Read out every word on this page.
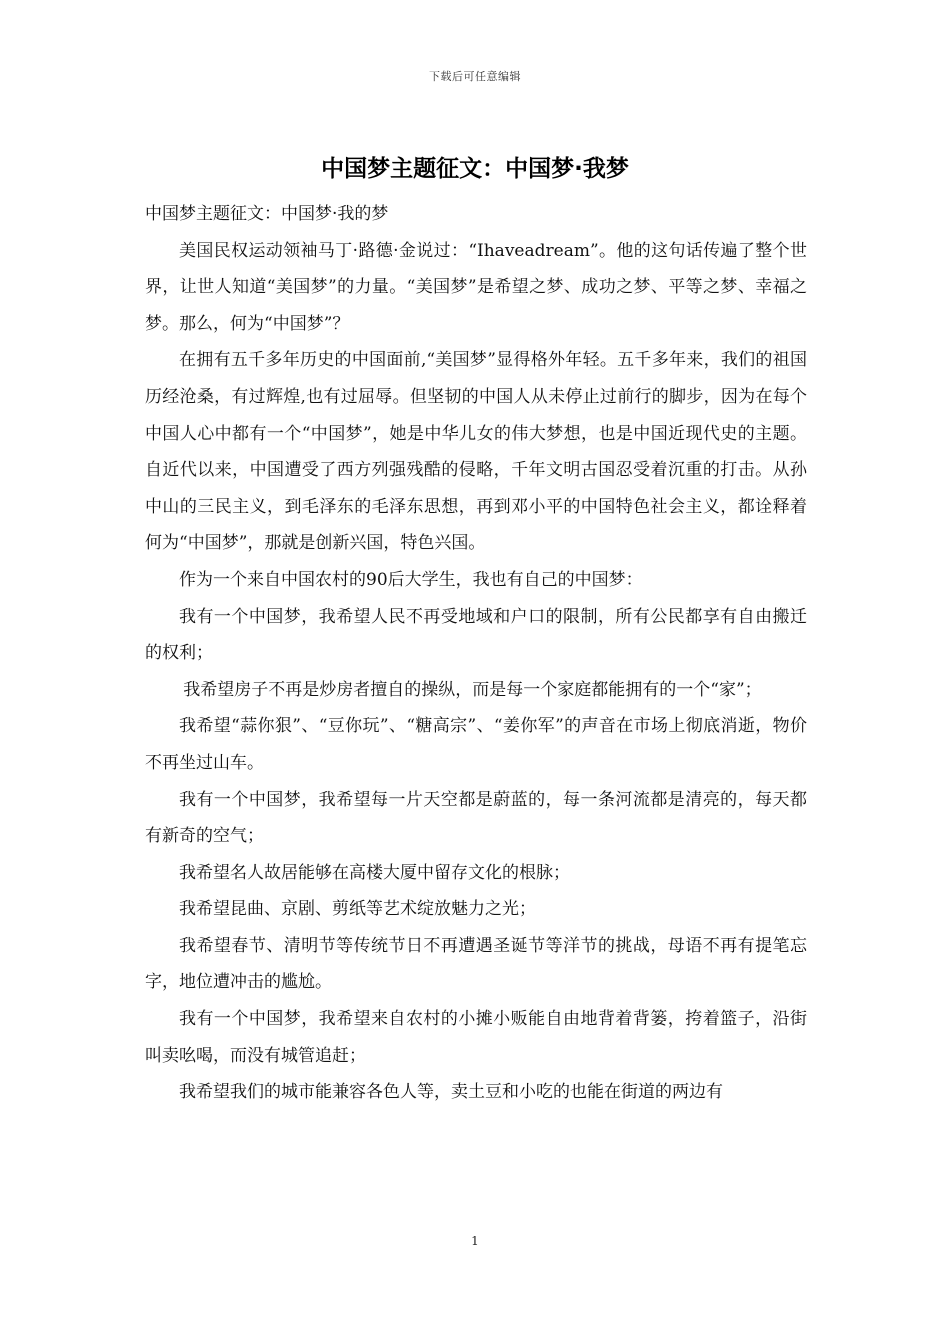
下载后可任意编辑
中国梦主题征文：中国梦·我梦

中国梦主题征文：中国梦·我的梦

美国民权运动领袖马丁·路德·金说过：“Ihaveadream”。他的这句话传遍了整个世界，让世人知道“美国梦”的力量。“美国梦”是希望之梦、成功之梦、平等之梦、幸福之梦。那么，何为“中国梦”？

在拥有五千多年历史的中国面前,“美国梦”显得格外年轻。五千多年来，我们的祖国历经沧桑，有过辉煌,也有过屈辱。但坚韧的中国人从未停止过前行的脚步，因为在每个中国人心中都有一个“中国梦”，她是中华儿女的伟大梦想，也是中国近现代史的主题。自近代以来，中国遭受了西方列强残酷的侵略，千年文明古国忍受着沉重的打击。从孙中山的三民主义，到毛泽东的毛泽东思想，再到邓小平的中国特色社会主义，都诠释着何为“中国梦”，那就是创新兴国，特色兴国。

作为一个来自中国农村的90后大学生，我也有自己的中国梦：

我有一个中国梦，我希望人民不再受地域和户口的限制，所有公民都享有自由搬迁的权利；

我希望房子不再是炒房者擅自的操纵，而是每一个家庭都能拥有的一个“家”；

我希望“蒜你狠”、“豆你玩”、“糖高宗”、“姜你军”的声音在市场上彻底消逝，物价不再坐过山车。

我有一个中国梦，我希望每一片天空都是蔚蓝的，每一条河流都是清亮的，每天都有新奇的空气；

我希望名人故居能够在高楼大厦中留存文化的根脉；

我希望昆曲、京剧、剪纸等艺术绽放魅力之光；

我希望春节、清明节等传统节日不再遭遇圣诞节等洋节的挑战，母语不再有提笔忘字，地位遭冲击的尴尬。

我有一个中国梦，我希望来自农村的小摊小贩能自由地背着背篓，挎着篮子，沿街叫卖吆喝，而没有城管追赶；

我希望我们的城市能兼容各色人等，卖土豆和小吃的也能在街道的两边有

1
